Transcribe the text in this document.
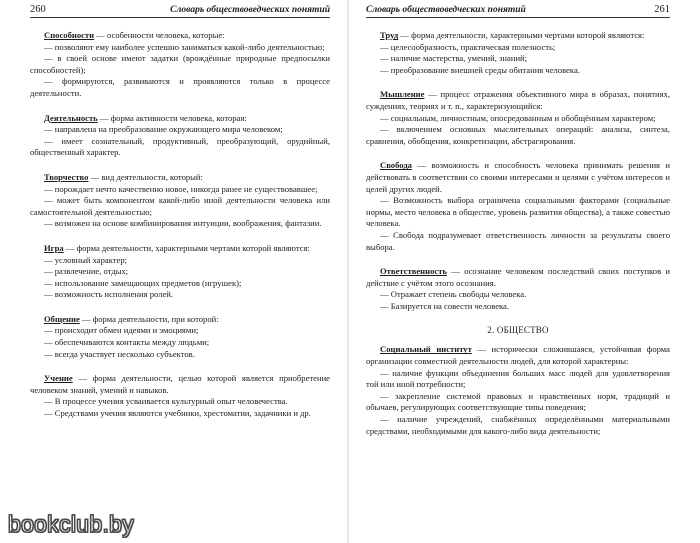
260	Словарь обществоведческих понятий

Способности — особенности человека, которые:

— позволяют ему наиболее успешно заниматься какой-либо деятельностью;

— в своей основе имеют задатки (врождённые природные предпосылки способностей);

— формируются, развиваются и проявляются только в процессе деятельности.

Деятельность — форма активности человека, которая:

— направлена на преобразование окружающего мира человеком;

— имеет сознательный, продуктивный, преобразующий, орудийный, общественный характер.

Творчество — вид деятельности, который:

— порождает нечто качественно новое, никогда ранее не существовавшее;

— может быть компонентом какой-либо иной деятельности человека или самостоятельной деятельностью;

— возможен на основе комбинирования интуиции, воображения, фантазии.

Игра — форма деятельности, характерными чертами которой являются:

— условный характер;

— развлечение, отдых;

— использование замещающих предметов (игрушек);

— возможность исполнения ролей.

Общение — форма деятельности, при которой:

— происходит обмен идеями и эмоциями;

— обеспечиваются контакты между людьми;

— всегда участвует несколько субъектов.

Учение — форма деятельности, целью которой является приобретение человеком знаний, умений и навыков.

— В процессе учения усваивается культурный опыт человечества.

— Средствами учения являются учебники, хрестоматии, задачники и др.

Словарь обществоведческих понятий	261

Труд — форма деятельности, характерными чертами которой являются:

— целесообразность, практическая полезность;

— наличие мастерства, умений, знаний;

— преобразование внешней среды обитания человека.

Мышление — процесс отражения объективного мира в образах, понятиях, суждениях, теориях и т. п., характеризующийся:

— социальным, личностным, опосредованным и обобщённым характером;

— включением основных мыслительных операций: анализа, синтеза, сравнения, обобщения, конкретизации, абстрагирования.

Свобода — возможность и способность человека принимать решения и действовать в соответствии со своими интересами и целями с учётом интересов и целей других людей.

— Возможность выбора ограничена социальными факторами (социальные нормы, место человека в обществе, уровень развития общества), а также совестью человека.

— Свобода подразумевает ответственность личности за результаты своего выбора.

Ответственность — осознание человеком последствий своих поступков и действие с учётом этого осознания.

— Отражает степень свободы человека.

— Базируется на совести человека.

2. ОБЩЕСТВО

Социальный институт — исторически сложившаяся, устойчивая форма организации совместной деятельности людей, для которой характерны:

— наличие функции объединения больших масс людей для удовлетворения той или иной потребности;

— закрепление системой правовых и нравственных норм, традиций и обычаев, регулирующих соответствующие типы поведения;

— наличие учреждений, снабжённых определёнными материальными средствами, необходимыми для какого-либо вида деятельности;

bookclub.by
